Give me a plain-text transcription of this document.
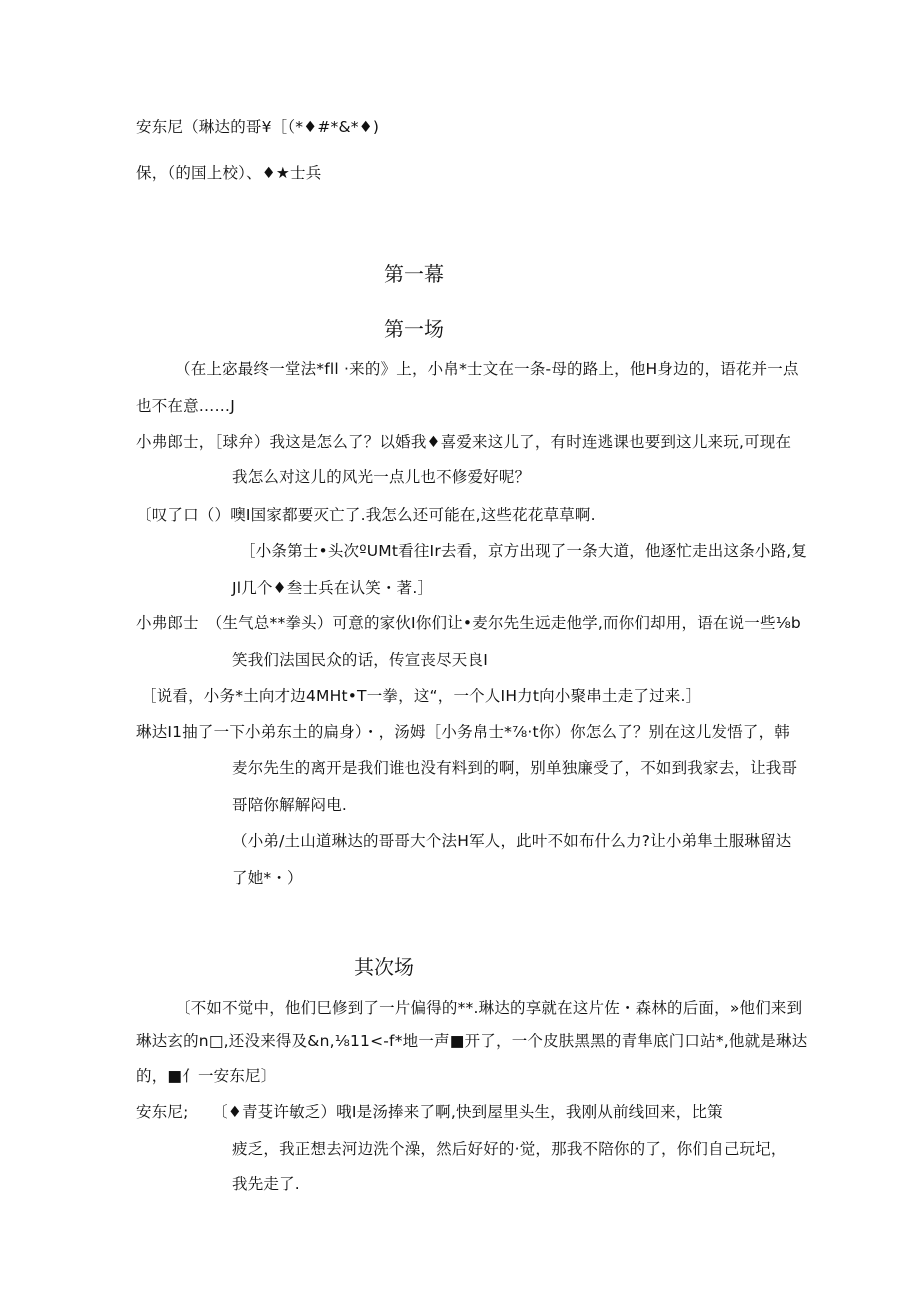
安东尼（琳达的哥¥［（*♦#*&*♦)
保，（的国上校）、♦★士兵
第一幕
第一场
（在上宓最终一堂法*fll ·来的》上，小帛*士文在一条-母的路上，他H身边的，语花并一点
也不在意……J
小弗郎士，［球弁）我这是怎么了？以婚我♦喜爱来这儿了，有时连逃课也要到这儿来玩,可现在
我怎么对这儿的风光一点儿也不修爱好呢？
〔叹了口（）噢I国家都要灭亡了.我怎么还可能在,这些花花草草啊.
［小条第士•头次ºUMt看往Ir去看，京方出现了一条大道，他逐忙走出这条小路,复
Jl几个♦叁士兵在认笑・著.］
小弗郎士　（生气总**拳头）可意的家伙I你们让•麦尔先生远走他学,而你们却用，语在说一些⅛b
笑我们法国民众的话，传宣丧尽天良I
［说看，小务*土向才边4MHt•T一拳，这“，一个人IH力t向小聚串土走了过来.］
琳达I1抽了一下小弟东土的扁身）・，汤姆［小务帛士*⅞·t你）你怎么了？别在这儿发悟了，韩
麦尔先生的离开是我们谁也没有料到的啊，别单独廉受了，不如到我家去，让我哥
哥陪你解解闷电.
（小弟/土山道琳达的哥哥大个法H军人，此叶不如布什么力?让小弟隼土服琳留达
了她*・）
其次场
〔不如不觉中，他们巳修到了一片偏得的**.琳达的享就在这片佐・森林的后面，»他们来到
琳达玄的n□,还没来得及&n,⅛11<-f*地一声■开了，一个皮肤黑黑的青隼底门口站*,他就是琳达
的，■亻一安东尼〕
安东尼;　　〔♦青芟许敏乏）哦I是汤捧来了啊,快到屋里头生，我刚从前线回来，比策
疲乏，我正想去河边洗个澡，然后好好的·觉，那我不陪你的了，你们自己玩圮，
我先走了.
